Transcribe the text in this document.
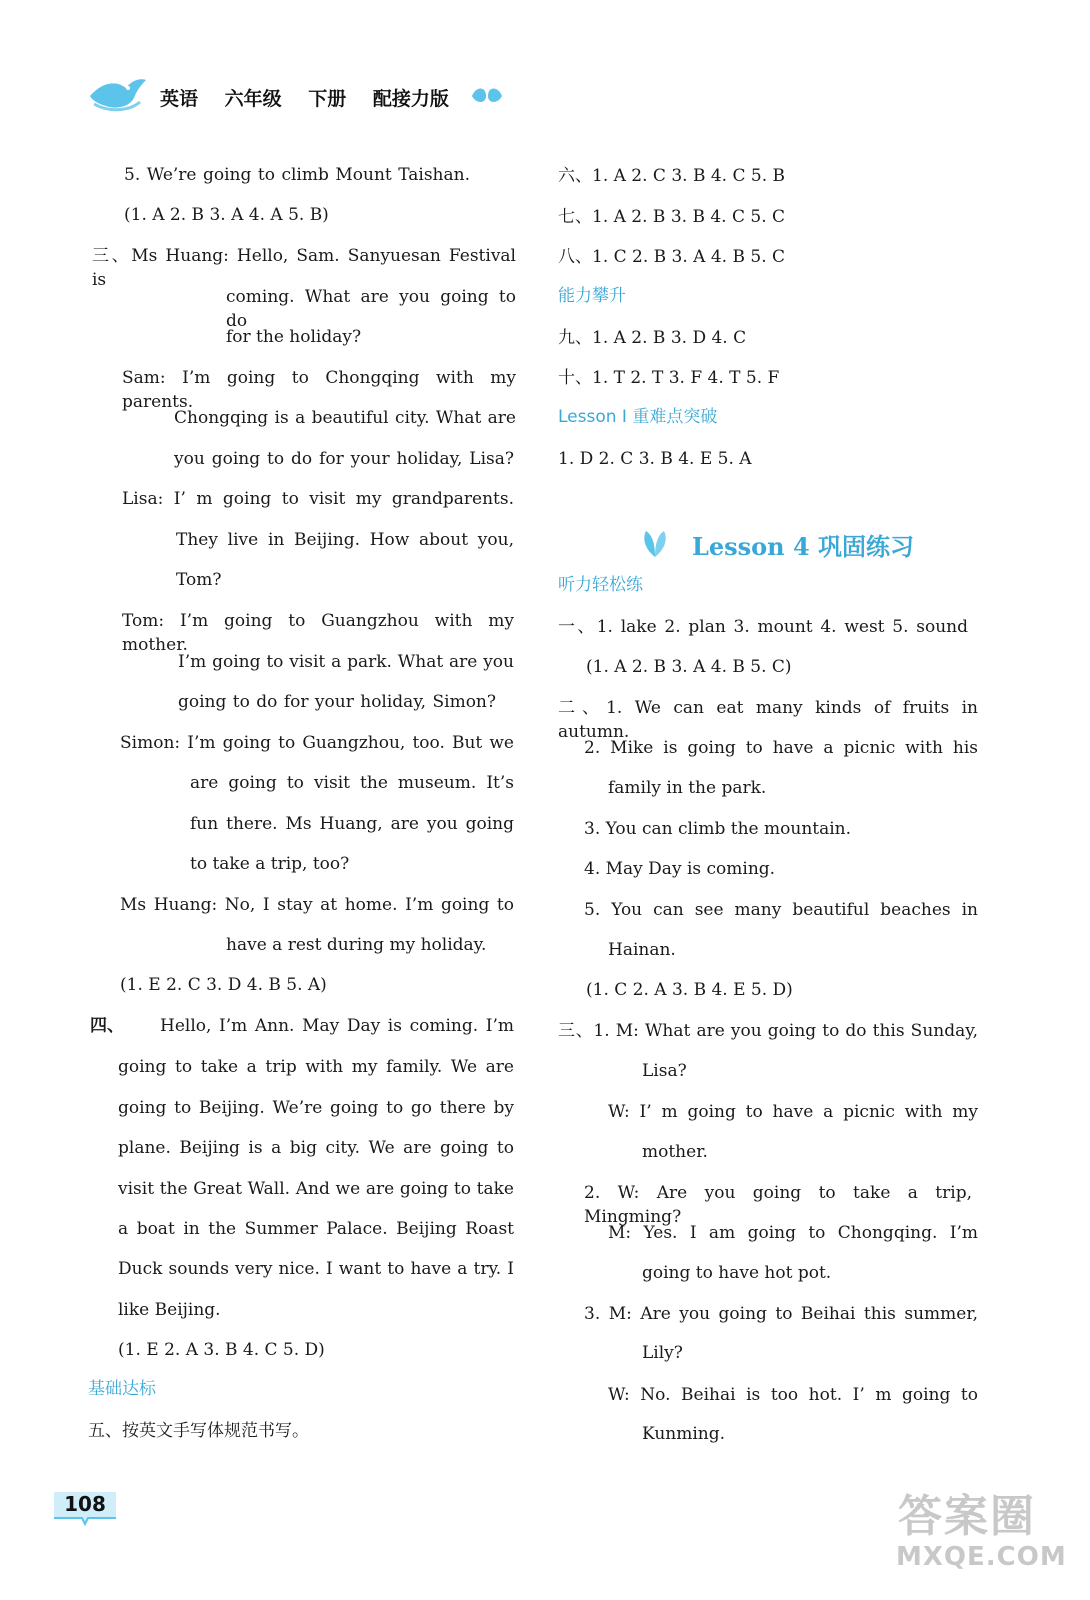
英语 六年级 下册 配接力版
5. We’re going to climb Mount Taishan.
(1. A 2. B 3. A 4. A 5. B)
三、Ms Huang: Hello, Sam. Sanyuesan Festival is
coming. What are you going to do
for the holiday?
Sam: I’m going to Chongqing with my parents.
Chongqing is a beautiful city. What are
you going to do for your holiday, Lisa?
Lisa: I’ m going to visit my grandparents.
They live in Beijing. How about you,
Tom?
Tom: I’m going to Guangzhou with my mother.
I’m going to visit a park. What are you
going to do for your holiday, Simon?
Simon: I’m going to Guangzhou, too. But we
are going to visit the museum. It’s
fun there. Ms Huang, are you going
to take a trip, too?
Ms Huang: No, I stay at home. I’m going to
have a rest during my holiday.
(1. E 2. C 3. D 4. B 5. A)
四、 Hello, I’m Ann. May Day is coming. I’m
going to take a trip with my family. We are
going to Beijing. We’re going to go there by
plane. Beijing is a big city. We are going to
visit the Great Wall. And we are going to take
a boat in the Summer Palace. Beijing Roast
Duck sounds very nice. I want to have a try. I
like Beijing.
(1. E 2. A 3. B 4. C 5. D)
基础达标
五、按英文手写体规范书写。
六、1. A 2. C 3. B 4. C 5. B
七、1. A 2. B 3. B 4. C 5. C
八、1. C 2. B 3. A 4. B 5. C
能力攀升
九、1. A 2. B 3. D 4. C
十、1. T 2. T 3. F 4. T 5. F
Lesson I 重难点突破
1. D 2. C 3. B 4. E 5. A
Lesson 4 巩固练习
听力轻松练
一、1. lake 2. plan 3. mount 4. west 5. sound
(1. A 2. B 3. A 4. B 5. C)
二、1. We can eat many kinds of fruits in autumn.
2. Mike is going to have a picnic with his
family in the park.
3. You can climb the mountain.
4. May Day is coming.
5. You can see many beautiful beaches in
Hainan.
(1. C 2. A 3. B 4. E 5. D)
三、1. M: What are you going to do this Sunday,
Lisa?
W: I’ m going to have a picnic with my
mother.
2. W: Are you going to take a trip, Mingming?
M: Yes. I am going to Chongqing. I’m
going to have hot pot.
3. M: Are you going to Beihai this summer,
Lily?
W: No. Beihai is too hot. I’ m going to
Kunming.
108	答案圈
MXQE.COM
